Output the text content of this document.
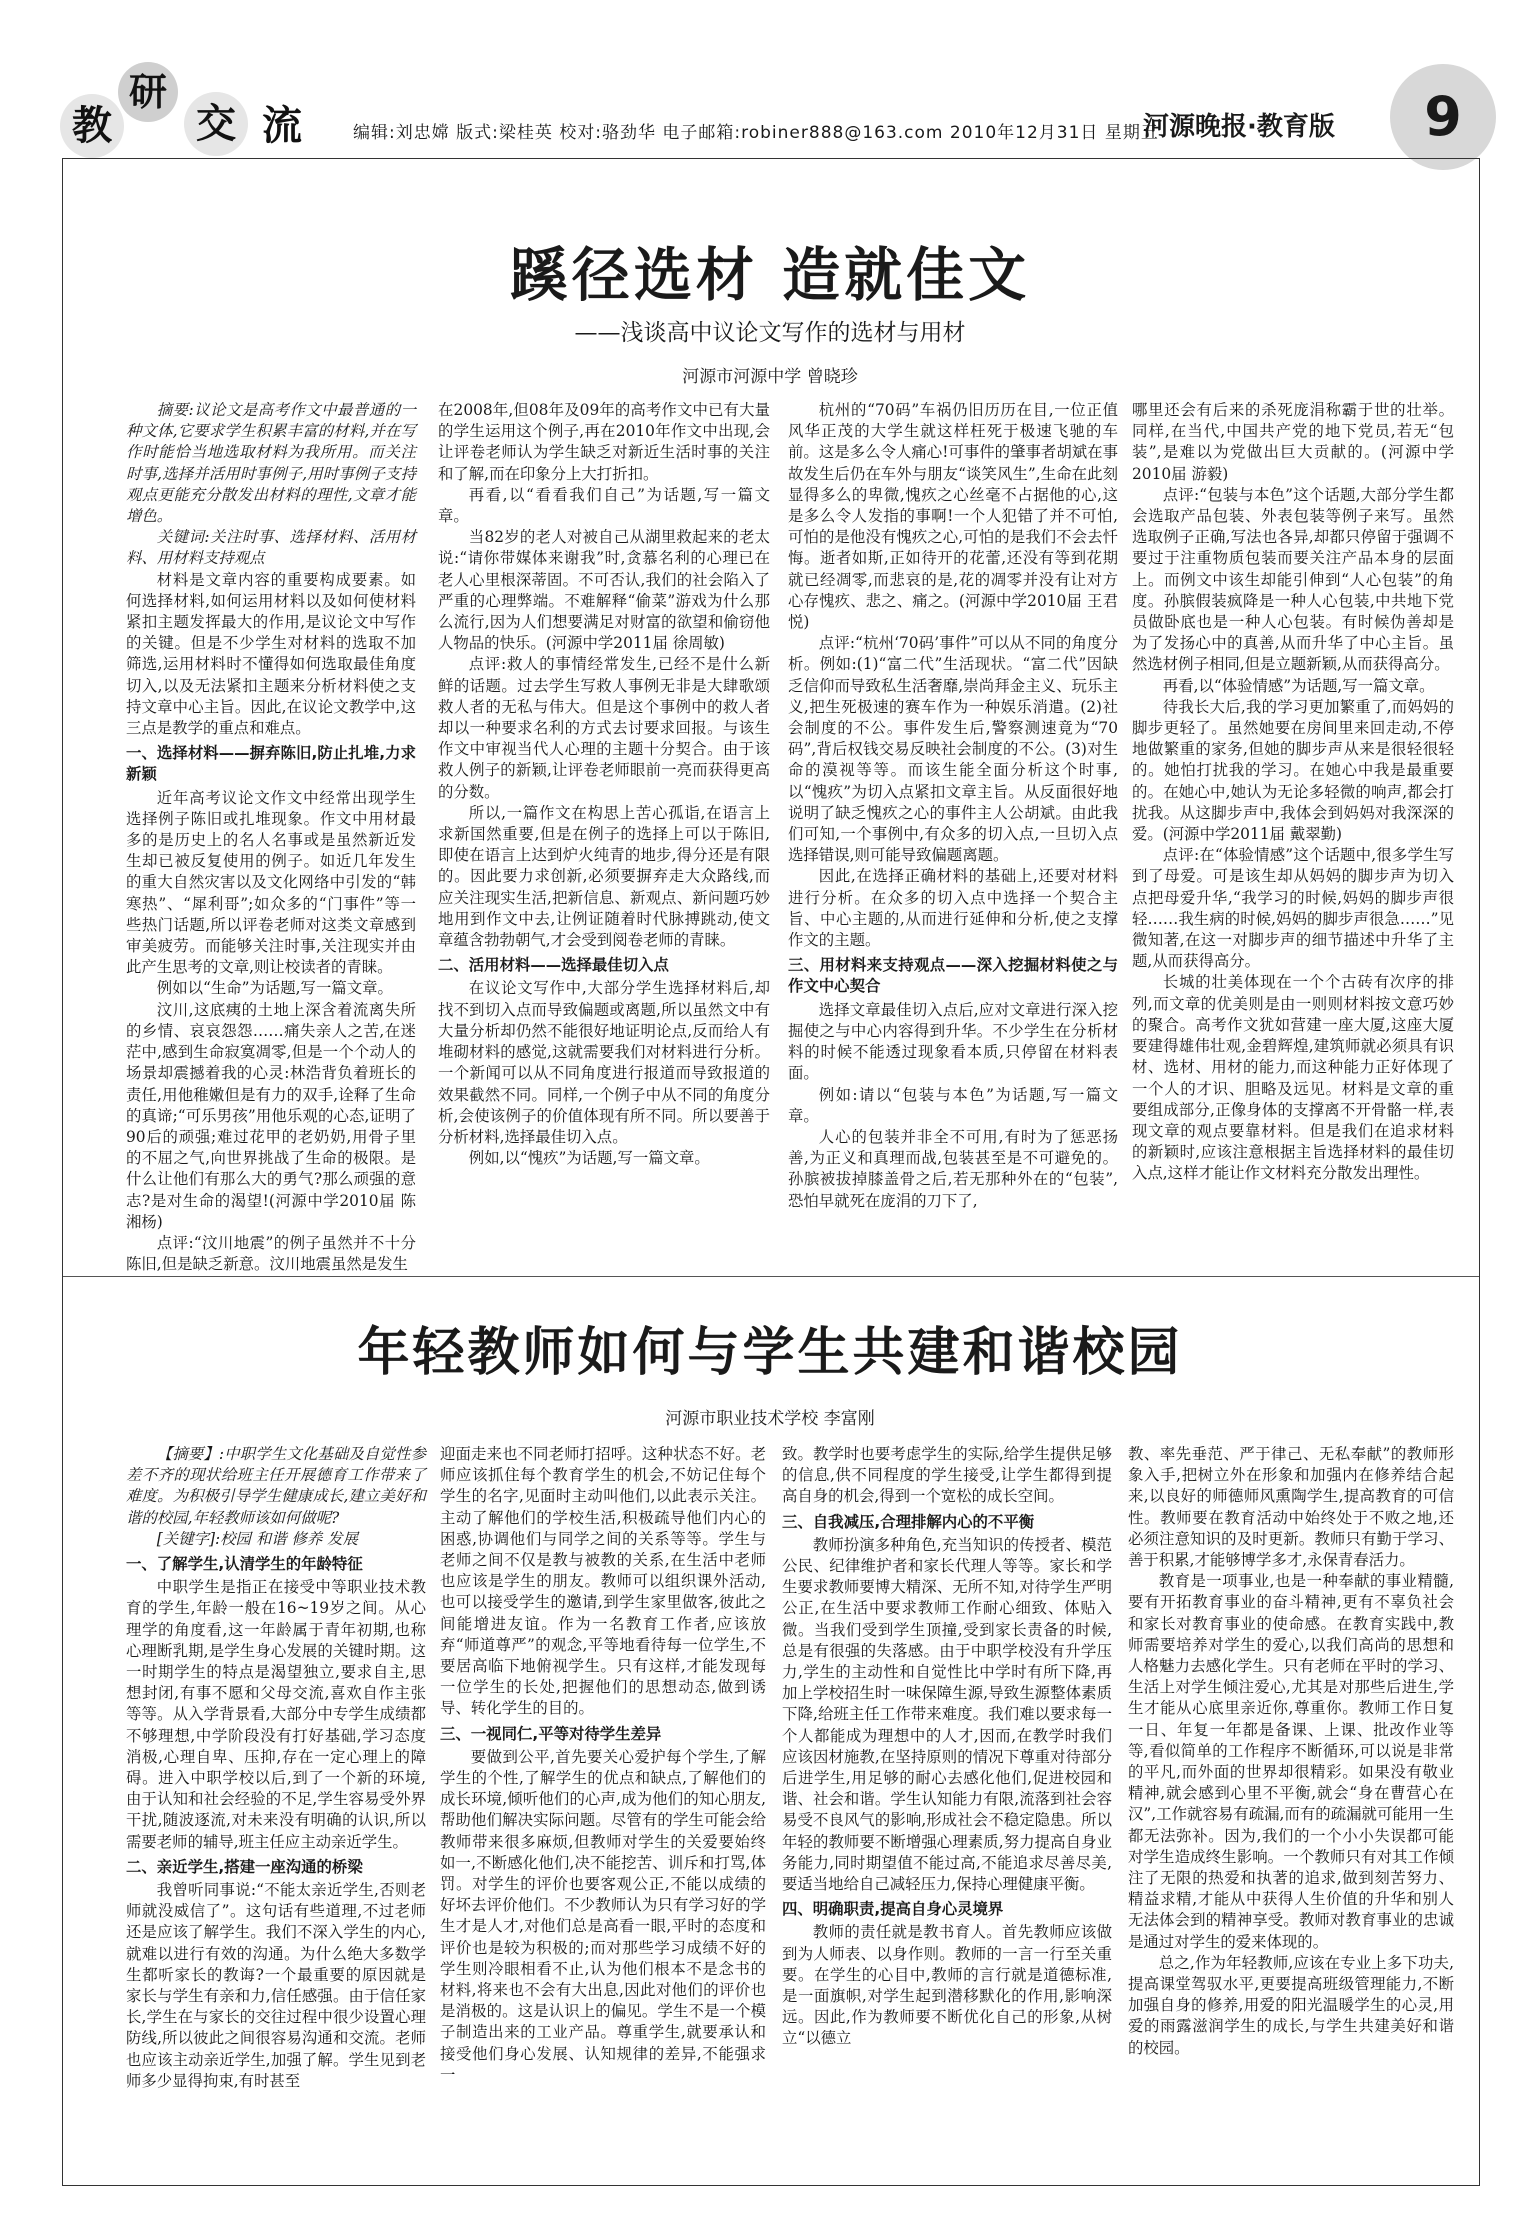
教
研
交 流	编辑:刘忠嫦 版式:梁桂英 校对:骆劲华 电子邮箱:robiner888@163.com 2010年12月31日 星期五
河源晚报·教育版	9
蹊径选材 造就佳文
——浅谈高中议论文写作的选材与用材
河源市河源中学 曾晓珍

摘要:议论文是高考作文中最普通的一种文体,它要求学生积累丰富的材料,并在写作时能恰当地选取材料为我所用。而关注时事,选择并活用时事例子,用时事例子支持观点更能充分散发出材料的理性,文章才能增色。

关键词:关注时事、选择材料、活用材料、用材料支持观点

材料是文章内容的重要构成要素。如何选择材料,如何运用材料以及如何使材料紧扣主题发挥最大的作用,是议论文中写作的关键。但是不少学生对材料的选取不加筛选,运用材料时不懂得如何选取最佳角度切入,以及无法紧扣主题来分析材料使之支持文章中心主旨。因此,在议论文教学中,这三点是教学的重点和难点。

一、选择材料——摒弃陈旧,防止扎堆,力求新颖

近年高考议论文作文中经常出现学生选择例子陈旧或扎堆现象。作文中用材最多的是历史上的名人名事或是虽然新近发生却已被反复使用的例子。如近几年发生的重大自然灾害以及文化网络中引发的“韩寒热”、“犀利哥”;如众多的“门事件”等一些热门话题,所以评卷老师对这类文章感到审美疲劳。而能够关注时事,关注现实并由此产生思考的文章,则让校读者的青睐。

例如以“生命”为话题,写一篇文章。

汶川,这底痍的土地上深含着流离失所的乡情、哀哀怨怨……痛失亲人之苦,在迷茫中,感到生命寂寞凋零,但是一个个动人的场景却震撼着我的心灵:林浩背负着班长的责任,用他稚嫩但是有力的双手,诠释了生命的真谛;“可乐男孩”用他乐观的心态,证明了90后的顽强;难过花甲的老奶奶,用骨子里的不屈之气,向世界挑战了生命的极限。是什么让他们有那么大的勇气?那么顽强的意志?是对生命的渴望!(河源中学2010届 陈湘杨)

点评:“汶川地震”的例子虽然并不十分陈旧,但是缺乏新意。汶川地震虽然是发生

在2008年,但08年及09年的高考作文中已有大量的学生运用这个例子,再在2010年作文中出现,会让评卷老师认为学生缺乏对新近生活时事的关注和了解,而在印象分上大打折扣。

再看,以“看看我们自己”为话题,写一篇文章。

当82岁的老人对被自己从湖里救起来的老太说:“请你带媒体来谢我”时,贪慕名利的心理已在老人心里根深蒂固。不可否认,我们的社会陷入了严重的心理弊端。不难解释“偷菜”游戏为什么那么流行,因为人们想要满足对财富的欲望和偷窃他人物品的快乐。(河源中学2011届 徐周敏)

点评:救人的事情经常发生,已经不是什么新鲜的话题。过去学生写救人事例无非是大肆歌颂救人者的无私与伟大。但是这个事例中的救人者却以一种要求名利的方式去讨要求回报。与该生作文中审视当代人心理的主题十分契合。由于该救人例子的新颖,让评卷老师眼前一亮而获得更高的分数。

所以,一篇作文在构思上苦心孤诣,在语言上求新国然重要,但是在例子的选择上可以于陈旧,即使在语言上达到炉火纯青的地步,得分还是有限的。因此要力求创新,必须要摒弃走大众路线,而应关注现实生活,把新信息、新观点、新问题巧妙地用到作文中去,让例证随着时代脉搏跳动,使文章蕴含勃勃朝气,才会受到阅卷老师的青睐。

二、活用材料——选择最佳切入点

在议论文写作中,大部分学生选择材料后,却找不到切入点而导致偏题或离题,所以虽然文中有大量分析却仍然不能很好地证明论点,反而给人有堆砌材料的感觉,这就需要我们对材料进行分析。一个新闻可以从不同角度进行报道而导致报道的效果截然不同。同样,一个例子中从不同的角度分析,会使该例子的价值体现有所不同。所以要善于分析材料,选择最佳切入点。

例如,以“愧疚”为话题,写一篇文章。

杭州的“70码”车祸仍旧历历在目,一位正值风华正茂的大学生就这样枉死于极速飞驰的车前。这是多么令人痛心!可事件的肇事者胡斌在事故发生后仍在车外与朋友“谈笑风生”,生命在此刻显得多么的卑微,愧疚之心丝毫不占据他的心,这是多么令人发指的事啊!一个人犯错了并不可怕,可怕的是他没有愧疚之心,可怕的是我们不会去忏悔。逝者如斯,正如待开的花蕾,还没有等到花期就已经凋零,而悲哀的是,花的凋零并没有让对方心存愧疚、悲之、痛之。(河源中学2010届 王君悦)

点评:“杭州‘70码’事件”可以从不同的角度分析。例如:(1)“富二代”生活现状。“富二代”因缺乏信仰而导致私生活奢靡,崇尚拜金主义、玩乐主义,把生死极速的赛车作为一种娱乐消遣。(2)社会制度的不公。事件发生后,警察测速竟为“70码”,背后权钱交易反映社会制度的不公。(3)对生命的漠视等等。而该生能全面分析这个时事,以“愧疚”为切入点紧扣文章主旨。从反面很好地说明了缺乏愧疚之心的事件主人公胡斌。由此我们可知,一个事例中,有众多的切入点,一旦切入点选择错误,则可能导致偏题离题。

因此,在选择正确材料的基础上,还要对材料进行分析。在众多的切入点中选择一个契合主旨、中心主题的,从而进行延伸和分析,使之支撑作文的主题。

三、用材料来支持观点——深入挖掘材料使之与作文中心契合

选择文章最佳切入点后,应对文章进行深入挖掘使之与中心内容得到升华。不少学生在分析材料的时候不能透过现象看本质,只停留在材料表面。

例如:请以“包装与本色”为话题,写一篇文章。

人心的包装并非全不可用,有时为了惩恶扬善,为正义和真理而战,包装甚至是不可避免的。孙膑被拔掉膝盖骨之后,若无那种外在的“包装”,恐怕早就死在庞涓的刀下了,

哪里还会有后来的杀死庞涓称霸于世的壮举。同样,在当代,中国共产党的地下党员,若无“包装”,是难以为党做出巨大贡献的。(河源中学2010届 游毅)

点评:“包装与本色”这个话题,大部分学生都会选取产品包装、外表包装等例子来写。虽然选取例子正确,写法也各异,却都只停留于强调不要过于注重物质包装而要关注产品本身的层面上。而例文中该生却能引伸到“人心包装”的角度。孙膑假装疯降是一种人心包装,中共地下党员做卧底也是一种人心包装。有时候伪善却是为了发扬心中的真善,从而升华了中心主旨。虽然选材例子相同,但是立题新颖,从而获得高分。

再看,以“体验情感”为话题,写一篇文章。

待我长大后,我的学习更加繁重了,而妈妈的脚步更轻了。虽然她要在房间里来回走动,不停地做繁重的家务,但她的脚步声从来是很轻很轻的。她怕打扰我的学习。在她心中我是最重要的。在她心中,她认为无论多轻微的响声,都会打扰我。从这脚步声中,我体会到妈妈对我深深的爱。(河源中学2011届 戴翠勤)

点评:在“体验情感”这个话题中,很多学生写到了母爱。可是该生却从妈妈的脚步声为切入点把母爱升华,“我学习的时候,妈妈的脚步声很轻……我生病的时候,妈妈的脚步声很急……”见微知著,在这一对脚步声的细节描述中升华了主题,从而获得高分。

长城的壮美体现在一个个古砖有次序的排列,而文章的优美则是由一则则材料按文意巧妙的聚合。高考作文犹如营建一座大厦,这座大厦要建得雄伟壮观,金碧辉煌,建筑师就必须具有识材、选材、用材的能力,而这种能力正好体现了一个人的才识、胆略及远见。材料是文章的重要组成部分,正像身体的支撑离不开骨骼一样,表现文章的观点要靠材料。但是我们在追求材料的新颖时,应该注意根据主旨选择材料的最佳切入点,这样才能让作文材料充分散发出理性。

年轻教师如何与学生共建和谐校园
河源市职业技术学校 李富刚

【摘要】:中职学生文化基础及自觉性参差不齐的现状给班主任开展德育工作带来了难度。为积极引导学生健康成长,建立美好和谐的校园,年轻教师该如何做呢?

[关键字]:校园 和谐 修养 发展

一、了解学生,认清学生的年龄特征

中职学生是指正在接受中等职业技术教育的学生,年龄一般在16~19岁之间。从心理学的角度看,这一年龄属于青年初期,也称心理断乳期,是学生身心发展的关键时期。这一时期学生的特点是渴望独立,要求自主,思想封闭,有事不愿和父母交流,喜欢自作主张等等。从入学背景看,大部分中专学生成绩都不够理想,中学阶段没有打好基础,学习态度消极,心理自卑、压抑,存在一定心理上的障碍。进入中职学校以后,到了一个新的环境,由于认知和社会经验的不足,学生容易受外界干扰,随波逐流,对未来没有明确的认识,所以需要老师的辅导,班主任应主动亲近学生。

二、亲近学生,搭建一座沟通的桥梁

我曾听同事说:“不能太亲近学生,否则老师就没威信了”。这句话有些道理,不过老师还是应该了解学生。我们不深入学生的内心,就难以进行有效的沟通。为什么绝大多数学生都听家长的教诲?一个最重要的原因就是家长与学生有亲和力,信任感强。由于信任家长,学生在与家长的交往过程中很少设置心理防线,所以彼此之间很容易沟通和交流。老师也应该主动亲近学生,加强了解。学生见到老师多少显得拘束,有时甚至

迎面走来也不同老师打招呼。这种状态不好。老师应该抓住每个教育学生的机会,不妨记住每个学生的名字,见面时主动叫他们,以此表示关注。主动了解他们的学校生活,积极疏导他们内心的困惑,协调他们与同学之间的关系等等。学生与老师之间不仅是教与被教的关系,在生活中老师也应该是学生的朋友。教师可以组织课外活动,也可以接受学生的邀请,到学生家里做客,彼此之间能增进友谊。作为一名教育工作者,应该放弃“师道尊严”的观念,平等地看待每一位学生,不要居高临下地俯视学生。只有这样,才能发现每一位学生的长处,把握他们的思想动态,做到诱导、转化学生的目的。

三、一视同仁,平等对待学生差异

要做到公平,首先要关心爱护每个学生,了解学生的个性,了解学生的优点和缺点,了解他们的成长环境,倾听他们的心声,成为他们的知心朋友,帮助他们解决实际问题。尽管有的学生可能会给教师带来很多麻烦,但教师对学生的关爱要始终如一,不断感化他们,决不能挖苦、训斥和打骂,体罚。对学生的评价也要客观公正,不能以成绩的好坏去评价他们。不少教师认为只有学习好的学生才是人才,对他们总是高看一眼,平时的态度和评价也是较为积极的;而对那些学习成绩不好的学生则冷眼相看不止,认为他们根本不是念书的材料,将来也不会有大出息,因此对他们的评价也是消极的。这是认识上的偏见。学生不是一个模子制造出来的工业产品。尊重学生,就要承认和接受他们身心发展、认知规律的差异,不能强求一

致。教学时也要考虑学生的实际,给学生提供足够的信息,供不同程度的学生接受,让学生都得到提高自身的机会,得到一个宽松的成长空间。

三、自我减压,合理排解内心的不平衡

教师扮演多种角色,充当知识的传授者、模范公民、纪律维护者和家长代理人等等。家长和学生要求教师要博大精深、无所不知,对待学生严明公正,在生活中要求教师工作耐心细致、体贴入微。当我们受到学生顶撞,受到家长责备的时候,总是有很强的失落感。由于中职学校没有升学压力,学生的主动性和自觉性比中学时有所下降,再加上学校招生时一味保障生源,导致生源整体素质下降,给班主任工作带来难度。我们难以要求每一个人都能成为理想中的人才,因而,在教学时我们应该因材施教,在坚持原则的情况下尊重对待部分后进学生,用足够的耐心去感化他们,促进校园和谐、社会和谐。学生认知能力有限,流落到社会容易受不良风气的影响,形成社会不稳定隐患。所以年轻的教师要不断增强心理素质,努力提高自身业务能力,同时期望值不能过高,不能追求尽善尽美,要适当地给自己减轻压力,保持心理健康平衡。

四、明确职责,提高自身心灵境界

教师的责任就是教书育人。首先教师应该做到为人师表、以身作则。教师的一言一行至关重要。在学生的心目中,教师的言行就是道德标准,是一面旗帜,对学生起到潜移默化的作用,影响深远。因此,作为教师要不断优化自己的形象,从树立“以德立

教、率先垂范、严于律己、无私奉献”的教师形象入手,把树立外在形象和加强内在修养结合起来,以良好的师德师风熏陶学生,提高教育的可信性。教师要在教育活动中始终处于不败之地,还必须注意知识的及时更新。教师只有勤于学习、善于积累,才能够博学多才,永保青春活力。

教育是一项事业,也是一种奉献的事业精髓,要有开拓教育事业的奋斗精神,更有不辜负社会和家长对教育事业的使命感。在教育实践中,教师需要培养对学生的爱心,以我们高尚的思想和人格魅力去感化学生。只有老师在平时的学习、生活上对学生倾注爱心,尤其是对那些后进生,学生才能从心底里亲近你,尊重你。教师工作日复一日、年复一年都是备课、上课、批改作业等等,看似简单的工作程序不断循环,可以说是非常的平凡,而外面的世界却很精彩。如果没有敬业精神,就会感到心里不平衡,就会“身在曹营心在汉”,工作就容易有疏漏,而有的疏漏就可能用一生都无法弥补。因为,我们的一个小小失误都可能对学生造成终生影响。一个教师只有对其工作倾注了无限的热爱和执著的追求,做到刻苦努力、精益求精,才能从中获得人生价值的升华和别人无法体会到的精神享受。教师对教育事业的忠诚是通过对学生的爱来体现的。

总之,作为年轻教师,应该在专业上多下功夫,提高课堂驾驭水平,更要提高班级管理能力,不断加强自身的修养,用爱的阳光温暖学生的心灵,用爱的雨露滋润学生的成长,与学生共建美好和谐的校园。
